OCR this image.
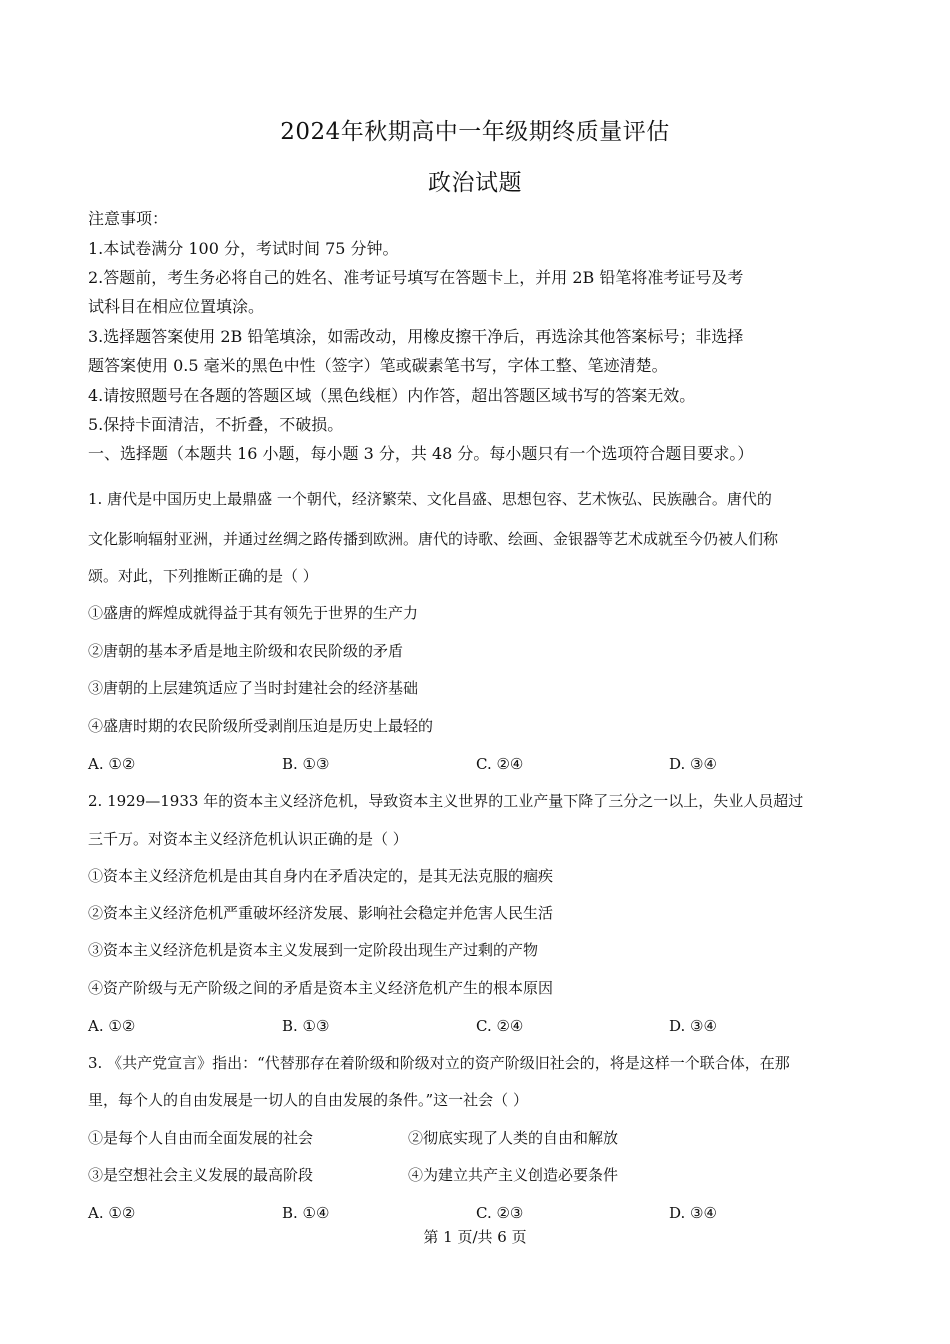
2024年秋期高中一年级期终质量评估
政治试题
注意事项：
1.本试卷满分 100 分，考试时间 75 分钟。
2.答题前，考生务必将自己的姓名、准考证号填写在答题卡上，并用 2B 铅笔将准考证号及考
试科目在相应位置填涂。
3.选择题答案使用 2B 铅笔填涂，如需改动，用橡皮擦干净后，再选涂其他答案标号；非选择
题答案使用 0.5 毫米的黑色中性（签字）笔或碳素笔书写，字体工整、笔迹清楚。
4.请按照题号在各题的答题区域（黑色线框）内作答，超出答题区域书写的答案无效。
5.保持卡面清洁，不折叠，不破损。
一、选择题（本题共 16 小题，每小题 3 分，共 48 分。每小题只有一个选项符合题目要求。）
1. 唐代是中国历史上最鼎盛 一个朝代，经济繁荣、文化昌盛、思想包容、艺术恢弘、民族融合。唐代的
文化影响辐射亚洲，并通过丝绸之路传播到欧洲。唐代的诗歌、绘画、金银器等艺术成就至今仍被人们称
颂。对此，下列推断正确的是（ ）
①盛唐的辉煌成就得益于其有领先于世界的生产力
②唐朝的基本矛盾是地主阶级和农民阶级的矛盾
③唐朝的上层建筑适应了当时封建社会的经济基础
④盛唐时期的农民阶级所受剥削压迫是历史上最轻的
A. ①②	B. ①③	C. ②④	D. ③④
2. 1929—1933 年的资本主义经济危机，导致资本主义世界的工业产量下降了三分之一以上，失业人员超过
三千万。对资本主义经济危机认识正确的是（ ）
①资本主义经济危机是由其自身内在矛盾决定的，是其无法克服的痼疾
②资本主义经济危机严重破坏经济发展、影响社会稳定并危害人民生活
③资本主义经济危机是资本主义发展到一定阶段出现生产过剩的产物
④资产阶级与无产阶级之间的矛盾是资本主义经济危机产生的根本原因
A. ①②	B. ①③	C. ②④	D. ③④
3. 《共产党宣言》指出：“代替那存在着阶级和阶级对立的资产阶级旧社会的，将是这样一个联合体，在那
里，每个人的自由发展是一切人的自由发展的条件。”这一社会（ ）
①是每个人自由而全面发展的社会	②彻底实现了人类的自由和解放
③是空想社会主义发展的最高阶段	④为建立共产主义创造必要条件
A. ①②	B. ①④	C. ②③	D. ③④
第 1 页/共 6 页
